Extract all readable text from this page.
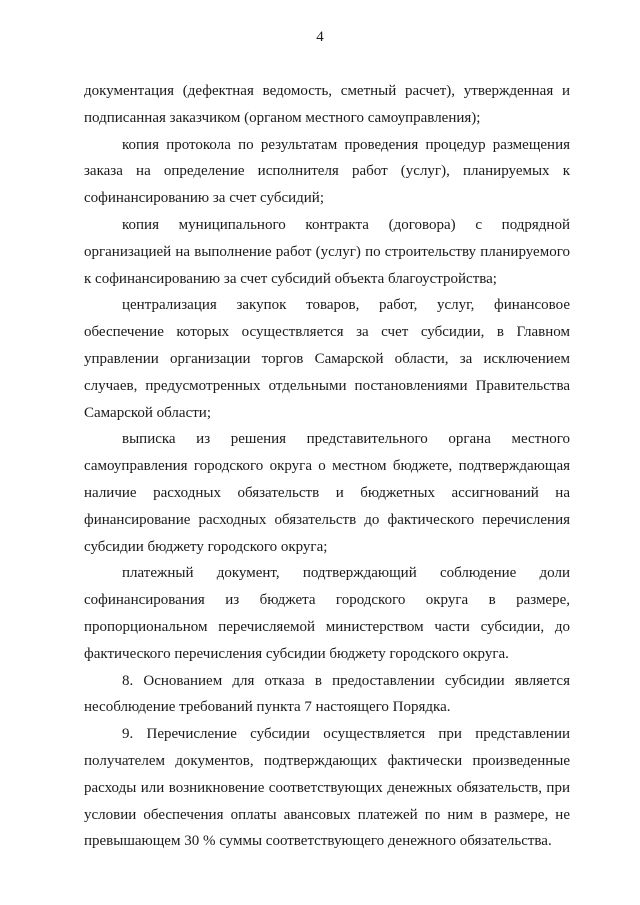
4

документация (дефектная ведомость, сметный расчет), утвержденная и подписанная заказчиком (органом местного самоуправления);

копия протокола по результатам проведения процедур размещения заказа на определение исполнителя работ (услуг), планируемых к софинансированию за счет субсидий;

копия муниципального контракта (договора) с подрядной организацией на выполнение работ (услуг) по строительству планируемого к софинансированию за счет субсидий объекта благоустройства;

централизация закупок товаров, работ, услуг, финансовое обеспечение которых осуществляется за счет субсидии, в Главном управлении организации торгов Самарской области, за исключением случаев, предусмотренных отдельными постановлениями Правительства Самарской области;

выписка из решения представительного органа местного самоуправления городского округа о местном бюджете, подтверждающая наличие расходных обязательств и бюджетных ассигнований на финансирование расходных обязательств до фактического перечисления субсидии бюджету городского округа;

платежный документ, подтверждающий соблюдение доли софинансирования из бюджета городского округа в размере, пропорциональном перечисляемой министерством части субсидии, до фактического перечисления субсидии бюджету городского округа.

8. Основанием для отказа в предоставлении субсидии является несоблюдение требований пункта 7 настоящего Порядка.

9. Перечисление субсидии осуществляется при представлении получателем документов, подтверждающих фактически произведенные расходы или возникновение соответствующих денежных обязательств, при условии обеспечения оплаты авансовых платежей по ним в размере, не превышающем 30 % суммы соответствующего денежного обязательства.
